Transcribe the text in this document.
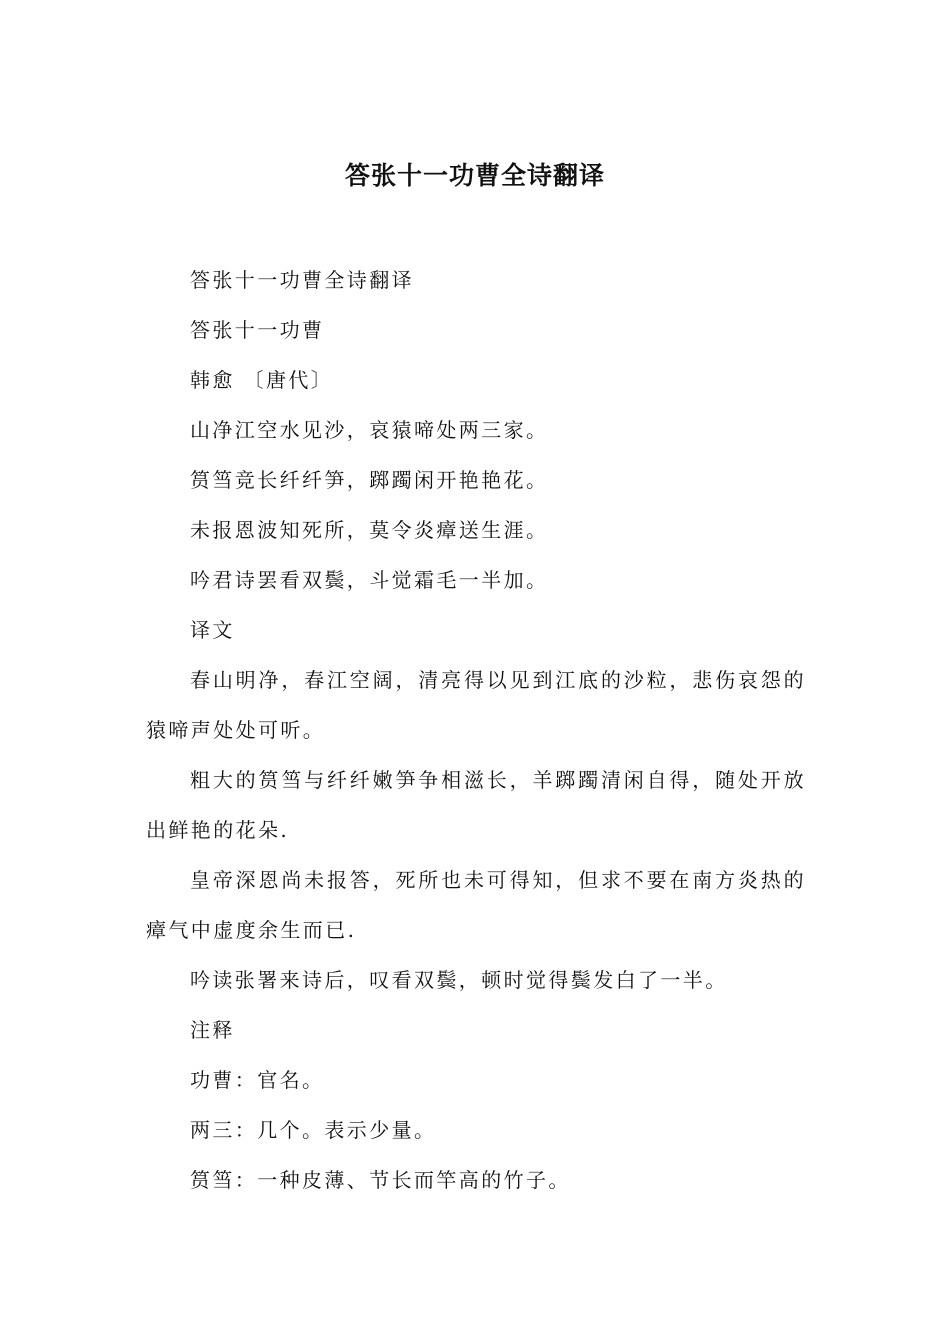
答张十一功曹全诗翻译

答张十一功曹全诗翻译

答张十一功曹

韩愈 〔唐代〕

山净江空水见沙，哀猿啼处两三家。

筼筜竞长纤纤笋，踯躅闲开艳艳花。

未报恩波知死所，莫令炎瘴送生涯。

吟君诗罢看双鬓，斗觉霜毛一半加。

译文

春山明净，春江空阔，清亮得以见到江底的沙粒，悲伤哀怨的猿啼声处处可听。

粗大的筼筜与纤纤嫩笋争相滋长，羊踯躅清闲自得，随处开放出鲜艳的花朵.

皇帝深恩尚未报答，死所也未可得知，但求不要在南方炎热的瘴气中虚度余生而已.

吟读张署来诗后，叹看双鬓，顿时觉得鬓发白了一半。

注释

功曹：官名。

两三：几个。表示少量。

筼筜：一种皮薄、节长而竿高的竹子。
